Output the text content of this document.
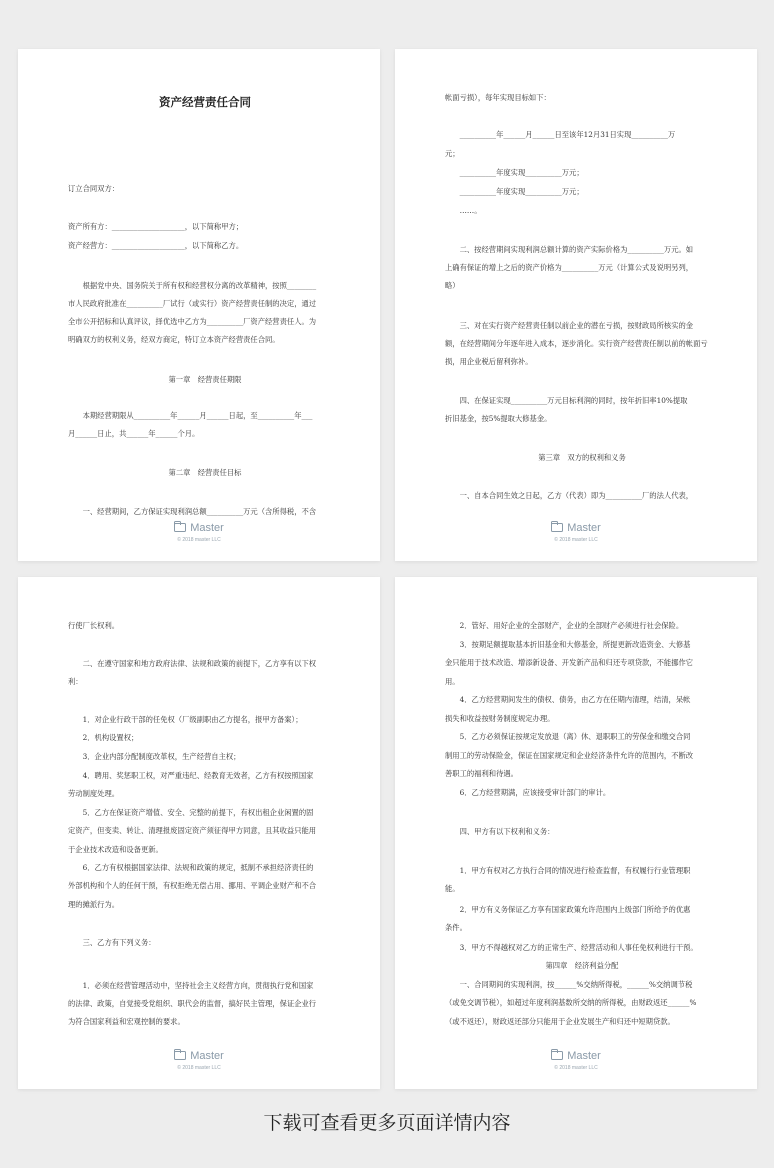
资产经营责任合同
订立合同双方：
资产所有方：____________________，以下简称甲方；
资产经营方：____________________，以下简称乙方。
根据党中央、国务院关于所有权和经营权分离的改革精神，按照________
市人民政府批准在__________厂试行（或实行）资产经营责任制的决定，通过
全市公开招标和认真评议，择优选中乙方为__________厂资产经营责任人。为
明确双方的权利义务，经双方商定，特订立本资产经营责任合同。
第一章　经营责任期限
本期经营期限从__________年______月______日起，至__________年___
月______日止，共______年______个月。
第二章　经营责任目标
一、经营期间，乙方保证实现利润总额__________万元（含所得税，不含
Master
© 2018 master LLC
帐面亏损），每年实现目标如下：
__________年______月______日至该年12月31日实现__________万
元；
__________年度实现__________万元；
__________年度实现__________万元；
……。
二、按经营期间实现利润总额计算的资产实际价格为__________万元。如
上确有保证的增上之后的资产价格为__________万元（计算公式及说明另列，
略）
三、对在实行资产经营责任制以前企业的潜在亏损，按财政局所核实的金
额，在经营期间分年逐年进入成本，逐步消化。实行资产经营责任制以前的帐面亏
损，用企业税后留利弥补。
四、在保证实现__________万元目标利润的同时，按年折旧率10%提取
折旧基金，按5%提取大修基金。
第三章　双方的权利和义务
一、自本合同生效之日起，乙方（代表）即为__________厂的法人代表，
Master
© 2018 master LLC
行使厂长权利。
二、在遵守国家和地方政府法律、法规和政策的前提下，乙方享有以下权
利：
1．对企业行政干部的任免权（厂级副职由乙方提名，报甲方备案）；
2．机构设置权；
3．企业内部分配制度改革权，生产经营自主权；
4．聘用、奖惩职工权，对严重违纪、经教育无效者，乙方有权按照国家
劳动制度处理。
5．乙方在保证资产增值、安全、完整的前提下，有权出租企业闲置的固
定资产，但变卖、转让、清理报废固定资产须征得甲方同意，且其收益只能用
于企业技术改造和设备更新。
6．乙方有权根据国家法律、法规和政策的规定，抵制不承担经济责任的
外部机构和个人的任何干预，有权拒绝无偿占用、挪用、平调企业财产和不合
理的摊派行为。
三、乙方有下列义务：
1．必须在经营管理活动中，坚持社会主义经营方向，贯彻执行党和国家
的法律、政策，自觉接受党组织、职代会的监督，搞好民主管理，保证企业行
为符合国家利益和宏观控制的要求。
Master
© 2018 master LLC
2．管好、用好企业的全部财产，企业的全部财产必须进行社会保险。
3．按期足额提取基本折旧基金和大修基金，所提更新改造资金、大修基
金只能用于技术改造、增添新设备、开发新产品和归还专项贷款，不能挪作它
用。
4．乙方经营期间发生的债权、债务，由乙方在任期内清理，结清，呆帐
损失和收益按财务制度规定办理。
5．乙方必须保证按规定发放退（离）休、退职职工的劳保金和缴交合同
制用工的劳动保险金，保证在国家规定和企业经济条件允许的范围内，不断改
善职工的福利和待遇。
6．乙方经营期满，应该接受审计部门的审计。
四、甲方有以下权利和义务：
1．甲方有权对乙方执行合同的情况进行检查监督，有权履行行业管理职
能。
2．甲方有义务保证乙方享有国家政策允许范围内上级部门所给予的优惠
条件。
3．甲方不得越权对乙方的正常生产、经营活动和人事任免权利进行干预。
第四章　经济利益分配
一、合同期间的实现利润，按______%交纳所得税，______%交纳调节税
（或免交调节税），如超过年度利润基数所交纳的所得税，由财政返还______%
（或不返还），财政返还部分只能用于企业发展生产和归还中短期贷款。
Master
© 2018 master LLC
下载可查看更多页面详情内容
